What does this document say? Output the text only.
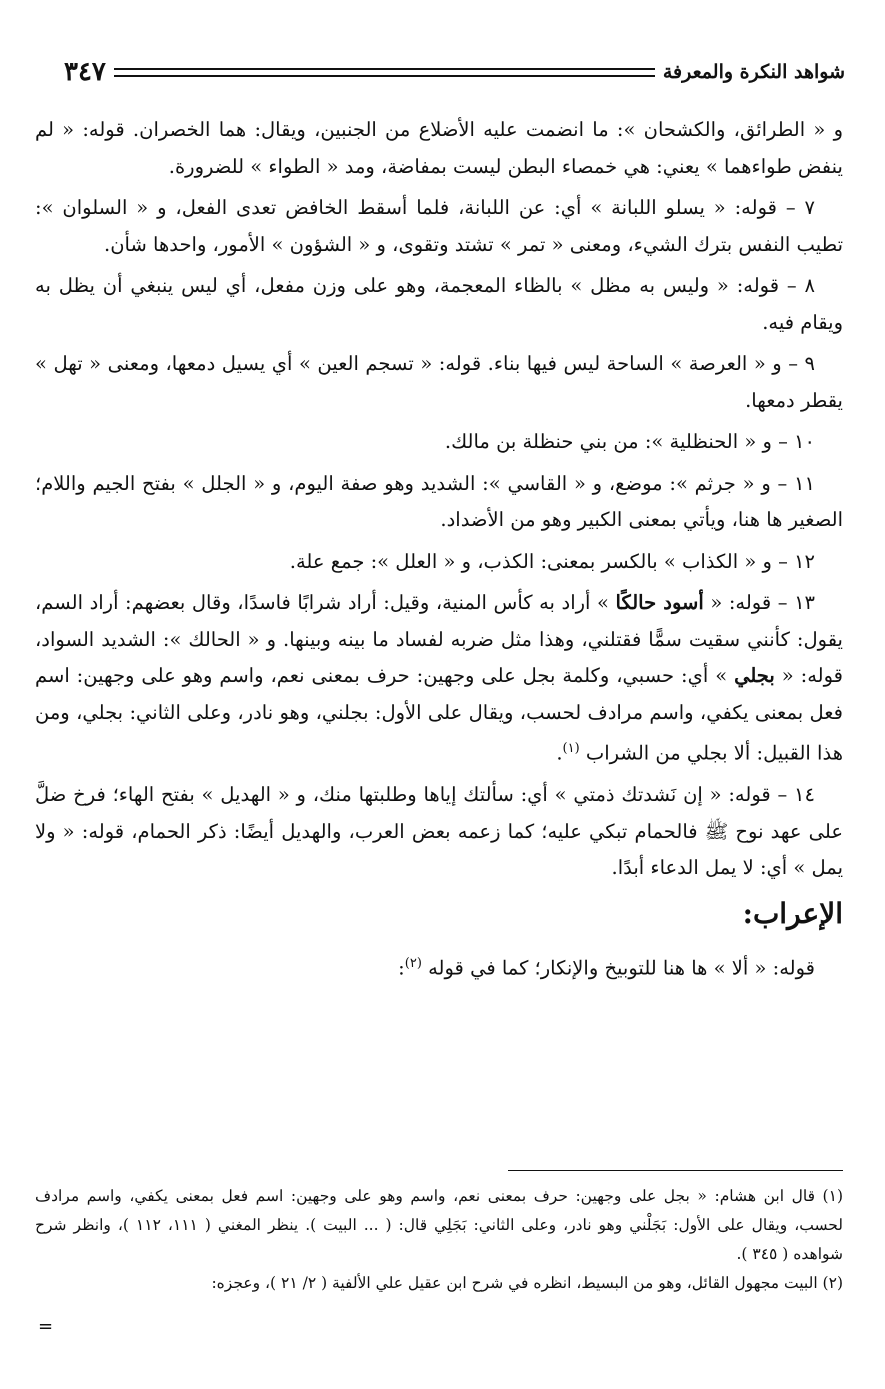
شواهد النكرة والمعرفة
٣٤٧

و « الطرائق، والكشحان »: ما انضمت عليه الأضلاع من الجنبين، ويقال: هما الخصران. قوله: « لم ينفض طواءهما » يعني: هي خمصاء البطن ليست بمفاضة، ومد « الطواء » للضرورة.

٧ – قوله: « يسلو اللبانة » أي: عن اللبانة، فلما أسقط الخافض تعدى الفعل، و « السلوان »: تطيب النفس بترك الشيء، ومعنى « تمر » تشتد وتقوى، و « الشؤون » الأمور، واحدها شأن.

٨ – قوله: « وليس به مظل » بالظاء المعجمة، وهو على وزن مفعل، أي ليس ينبغي أن يظل به ويقام فيه.

٩ – و « العرصة » الساحة ليس فيها بناء. قوله: « تسجم العين » أي يسيل دمعها، ومعنى « تهل » يقطر دمعها.

١٠ – و « الحنظلية »: من بني حنظلة بن مالك.

١١ – و « جرثم »: موضع، و « القاسي »: الشديد وهو صفة اليوم، و « الجلل » بفتح الجيم واللام؛ الصغير ها هنا، ويأتي بمعنى الكبير وهو من الأضداد.

١٢ – و « الكذاب » بالكسر بمعنى: الكذب، و « العلل »: جمع علة.

١٣ – قوله: « أسود حالكًا » أراد به كأس المنية، وقيل: أراد شرابًا فاسدًا، وقال بعضهم: أراد السم، يقول: كأنني سقيت سمًّا فقتلني، وهذا مثل ضربه لفساد ما بينه وبينها. و « الحالك »: الشديد السواد، قوله: « بجلي » أي: حسبي، وكلمة بجل على وجهين: حرف بمعنى نعم، واسم وهو على وجهين: اسم فعل بمعنى يكفي، واسم مرادف لحسب، ويقال على الأول: بجلني، وهو نادر، وعلى الثاني: بجلي، ومن هذا القبيل: ألا بجلي من الشراب $^{(١)}$.

١٤ – قوله: « إن نَشدتك ذمتي » أي: سألتك إياها وطلبتها منك، و « الهديل » بفتح الهاء؛ فرخ ضلَّ على عهد نوح ﷺ فالحمام تبكي عليه؛ كما زعمه بعض العرب، والهديل أيضًا: ذكر الحمام، قوله: « ولا يمل » أي: لا يمل الدعاء أبدًا.

الإعراب:

قوله: « ألا » ها هنا للتوبيخ والإنكار؛ كما في قوله $^{(٢)}$:

(١) قال ابن هشام: « بجل على وجهين: حرف بمعنى نعم، واسم وهو على وجهين: اسم فعل بمعنى يكفي، واسم مرادف لحسب، ويقال على الأول: بَجَلْني وهو نادر، وعلى الثاني: بَجَلِي قال: ( ... البيت ). ينظر المغني ( ١١١، ١١٢ )، وانظر شرح شواهده ( ٣٤٥ ).

(٢) البيت مجهول القائل، وهو من البسيط، انظره في شرح ابن عقيل علي الألفية ( ٢/ ٢١ )، وعجزه:

=
